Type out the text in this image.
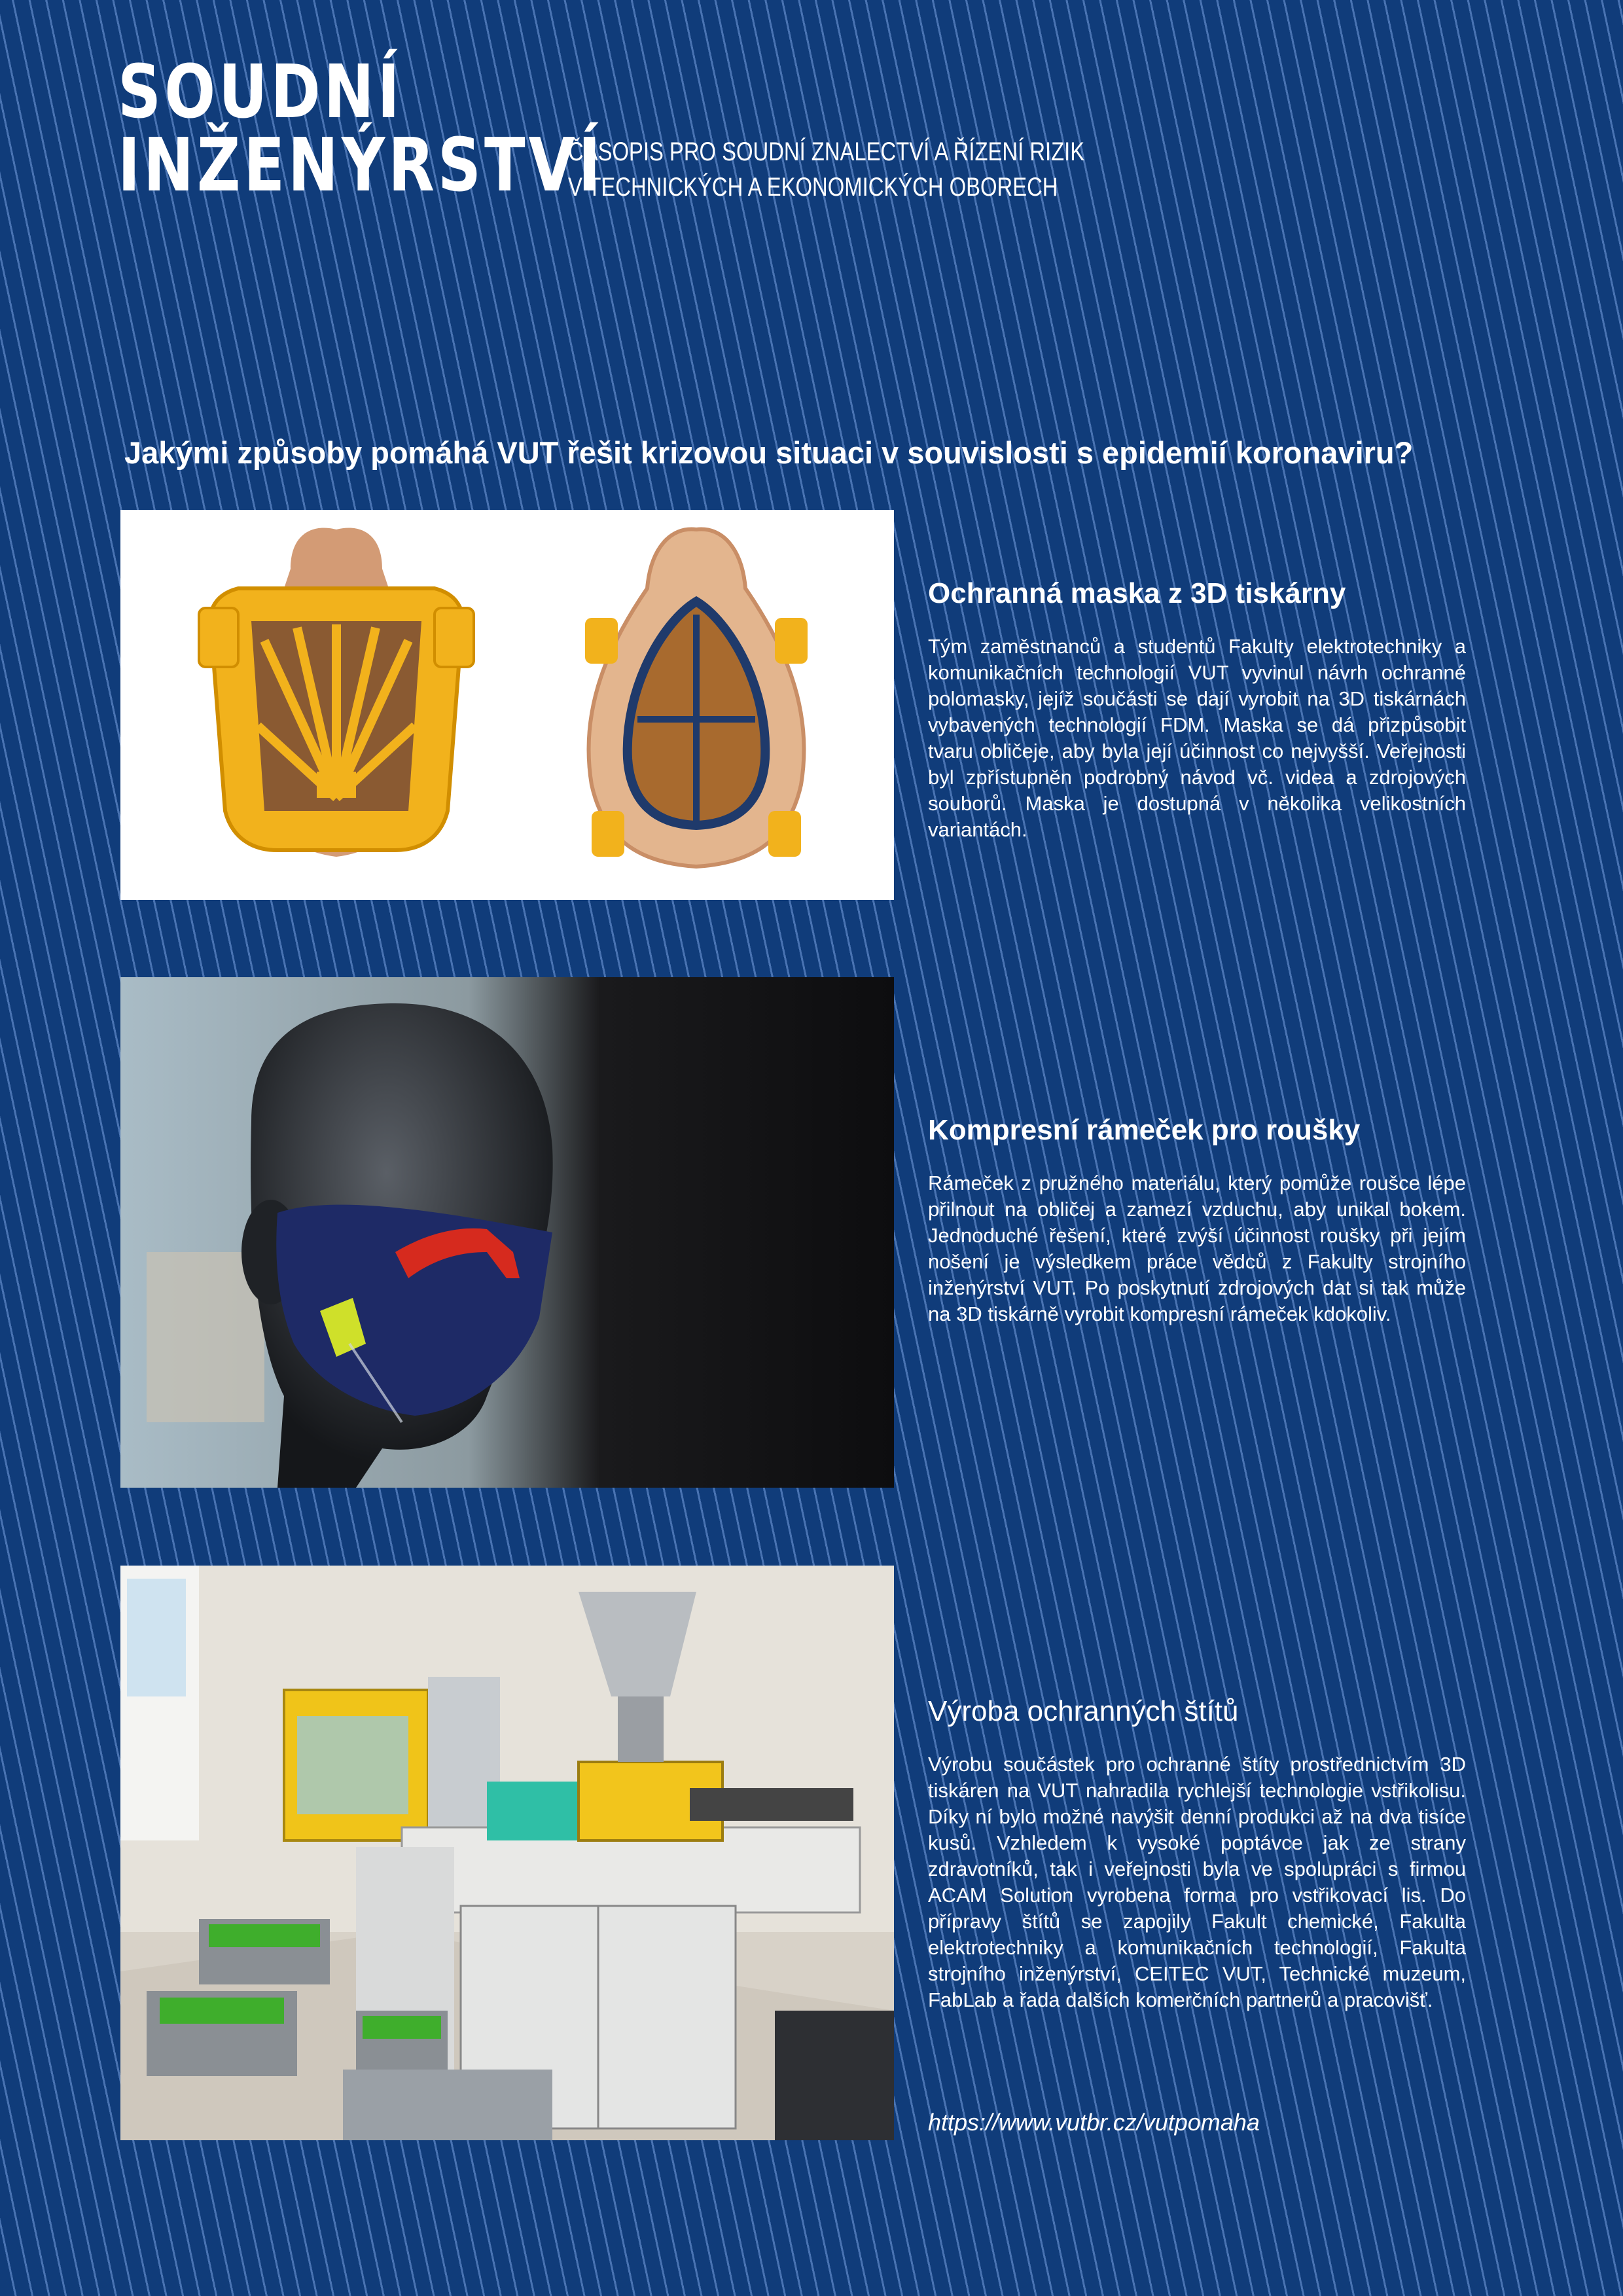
SOUDNÍ
INŽENÝRSTVÍ
ČASOPIS PRO SOUDNÍ ZNALECTVÍ A ŘÍZENÍ RIZIK
V TECHNICKÝCH A EKONOMICKÝCH OBORECH
Jakými způsoby pomáhá VUT řešit krizovou situaci v souvislosti s epidemií koronaviru?
Ochranná maska z 3D tiskárny

Tým zaměstnanců a studentů Fakulty elektrotechniky a komunikačních technologií VUT vyvinul návrh ochranné polomasky, jejíž součásti se dají vyrobit na 3D tiskárnách vybavených technologií FDM. Maska se dá přizpůsobit tvaru obličeje, aby byla její účinnost co nejvyšší. Veřejnosti byl zpřístupněn podrobný návod vč. videa a zdrojových souborů. Maska je dostupná v několika velikostních variantách.

Kompresní rámeček pro roušky

Rámeček z pružného materiálu, který pomůže roušce lépe přilnout na obličej a zamezí vzduchu, aby unikal bokem. Jednoduché řešení, které zvýší účinnost roušky při jejím nošení je výsledkem práce vědců z Fakulty strojního inženýrství VUT. Po poskytnutí zdrojových dat si tak může na 3D tiskárně vyrobit kompresní rámeček kdokoliv.

Výroba ochranných štítů

Výrobu součástek pro ochranné štíty prostřednictvím 3D tiskáren na VUT nahradila rychlejší technologie vstřikolisu. Díky ní bylo možné navýšit denní produkci až na dva tisíce kusů. Vzhledem k vysoké poptávce jak ze strany zdravotníků, tak i veřejnosti byla ve spolupráci s firmou ACAM Solution vyrobena forma pro vstřikovací lis. Do přípravy štítů se zapojily Fakult chemické, Fakulta elektrotechniky a komunikačních technologií, Fakulta strojního inženýrství, CEITEC VUT, Technické muzeum, FabLab a řada dalších komerčních partnerů a pracovišť.

https://www.vutbr.cz/vutpomaha
